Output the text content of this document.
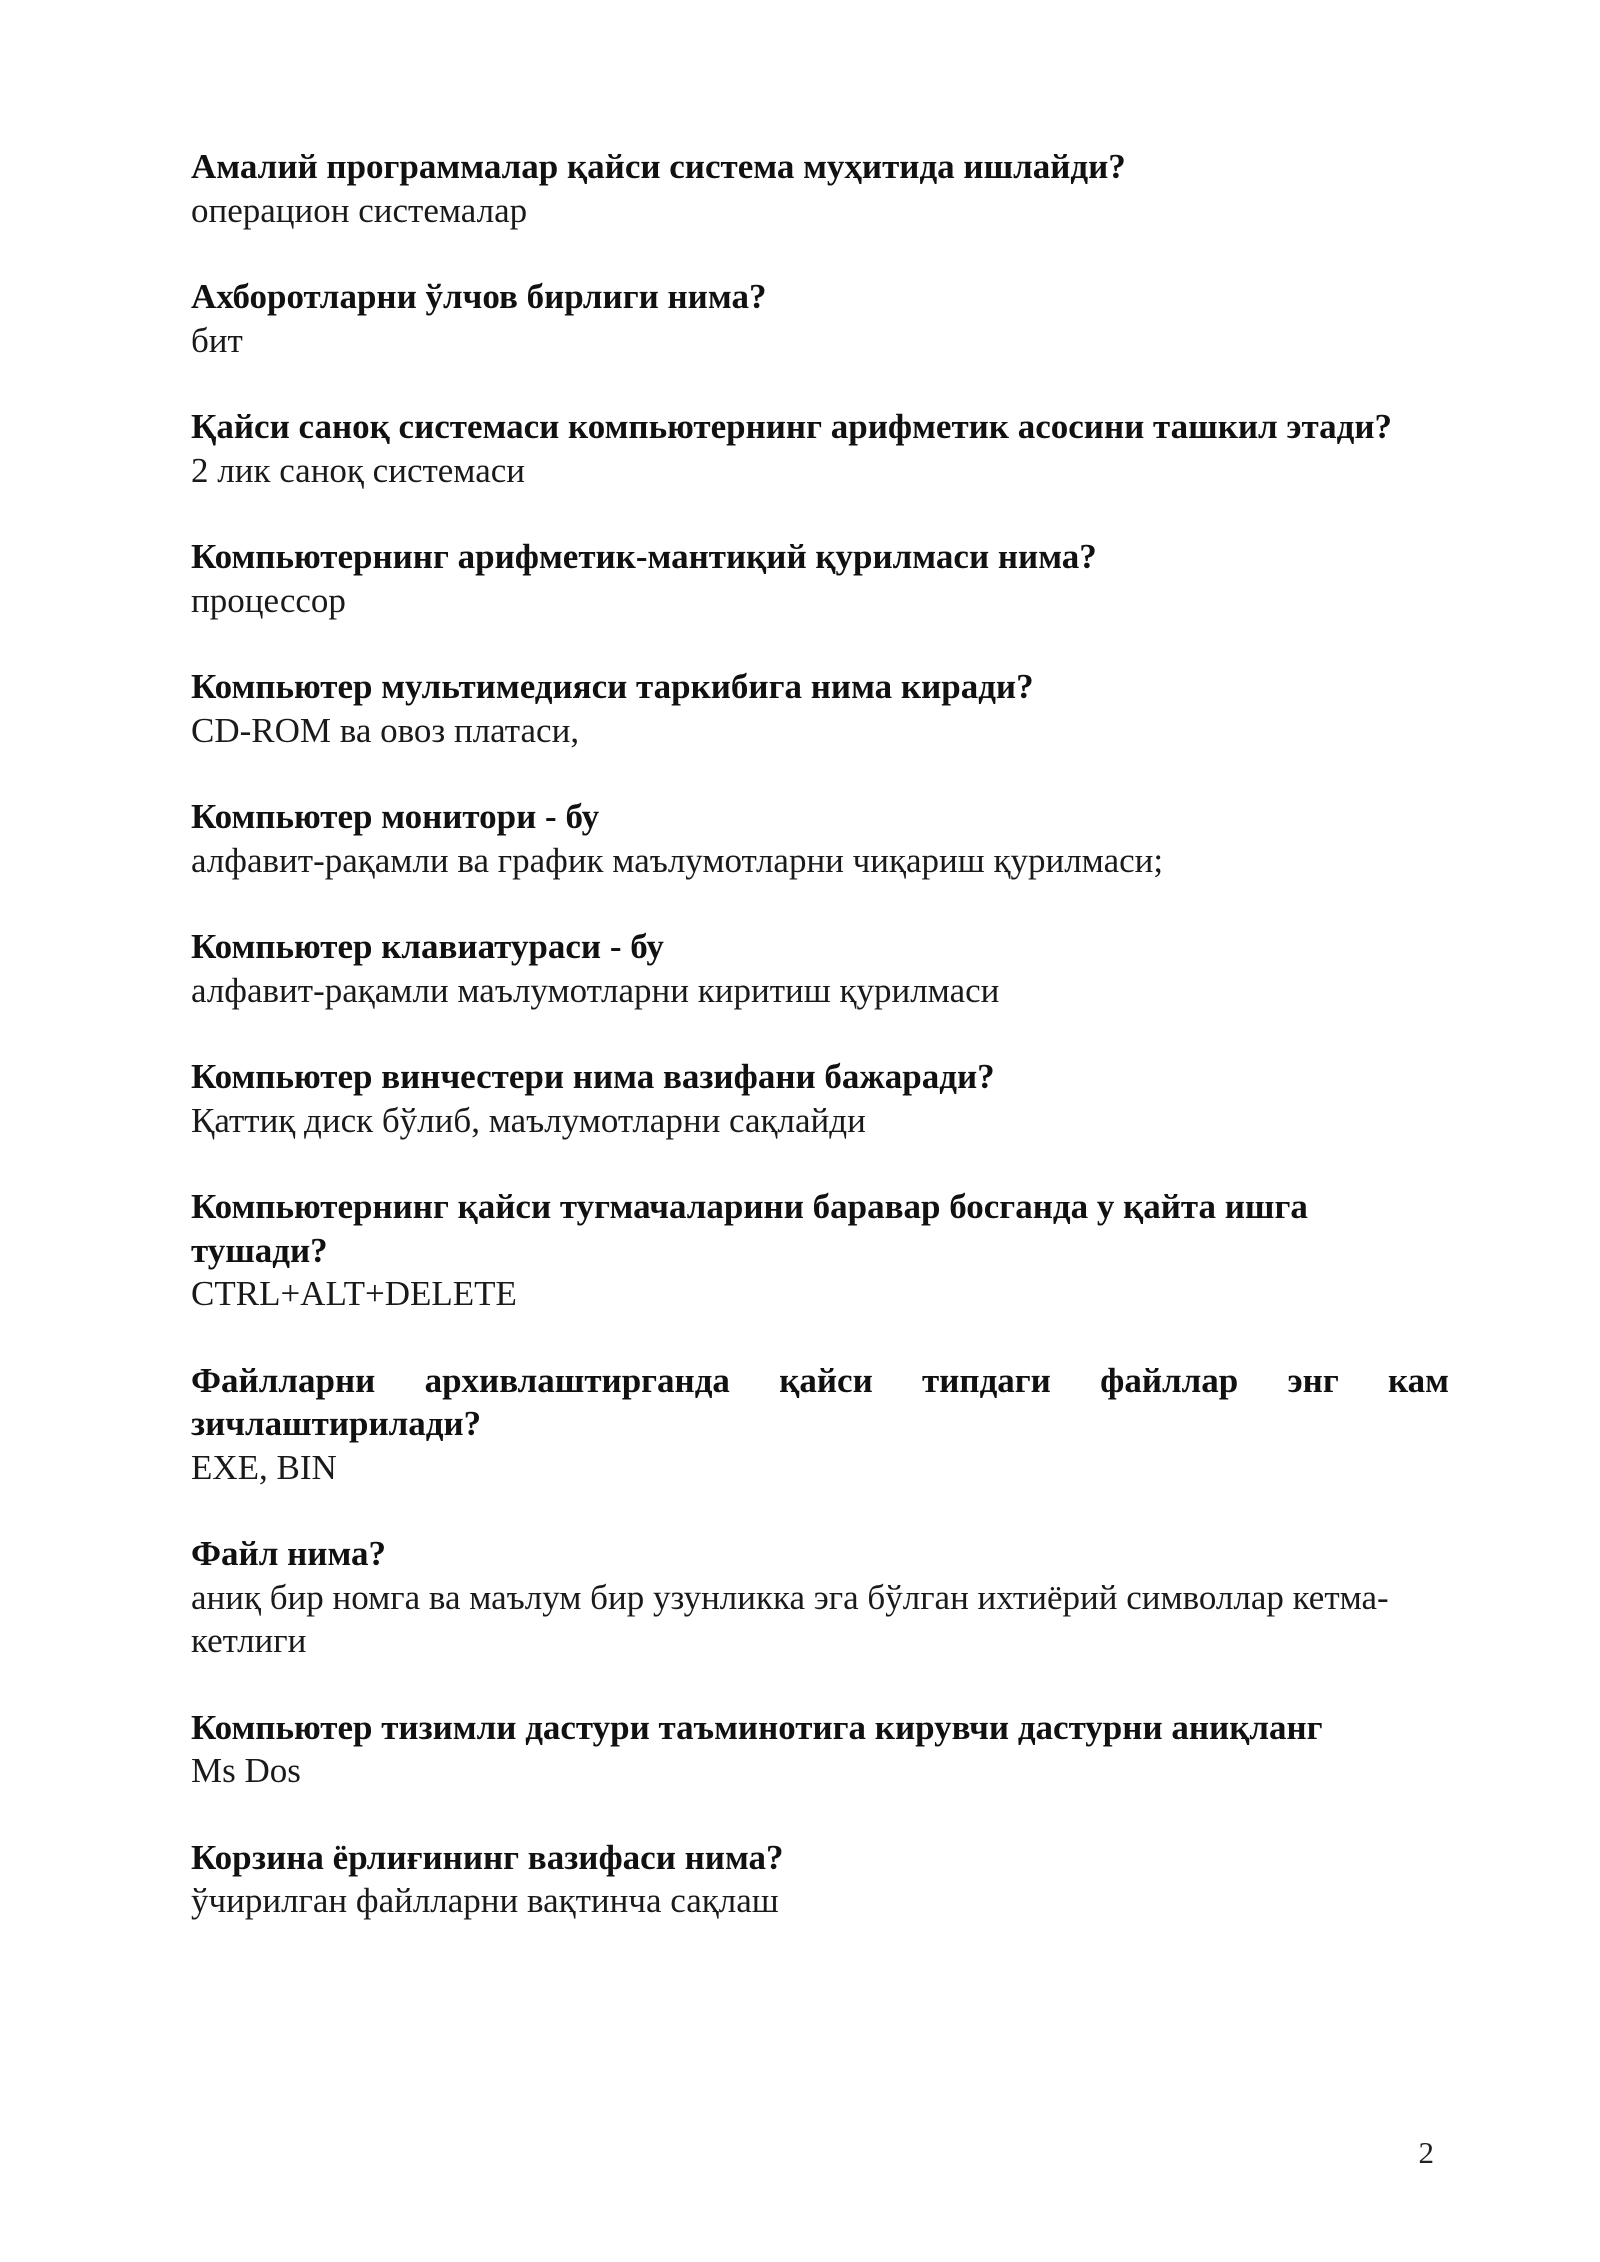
Амалий программалар қайси система муҳитида ишлайди?

операцион системалар

Ахборотларни ўлчов бирлиги нима?

бит

Қайси саноқ системаси компьютернинг арифметик асосини ташкил этади?

2 лик саноқ системаси

Компьютернинг арифметик-мантиқий қурилмаси нима?

процессор

Компьютер мультимедияси таркибига нима киради?

CD-ROM ва овоз платаси,

Компьютер монитори - бу

алфавит-рақамли ва график маълумотларни чиқариш қурилмаси;

Компьютер клавиатураси - бу

алфавит-рақамли маълумотларни киритиш қурилмаси

Компьютер винчестери нима вазифани бажаради?

Қаттиқ диск бўлиб, маълумотларни сақлайди

Компьютернинг қайси тугмачаларини баравар босганда у қайта ишга тушади?

CTRL+ALT+DELETE

Файлларни архивлаштирганда қайси типдаги файллар энг кам зичлаштирилади?

EXE, BIN

Файл нима?

аниқ бир номга ва маълум бир узунликка эга бўлган ихтиёрий символлар кетма-кетлиги

Компьютер тизимли дастури таъминотига кирувчи дастурни аниқланг

Ms Dos

Корзина ёрлиғининг вазифаси нима?

ўчирилган файлларни вақтинча сақлаш

2
